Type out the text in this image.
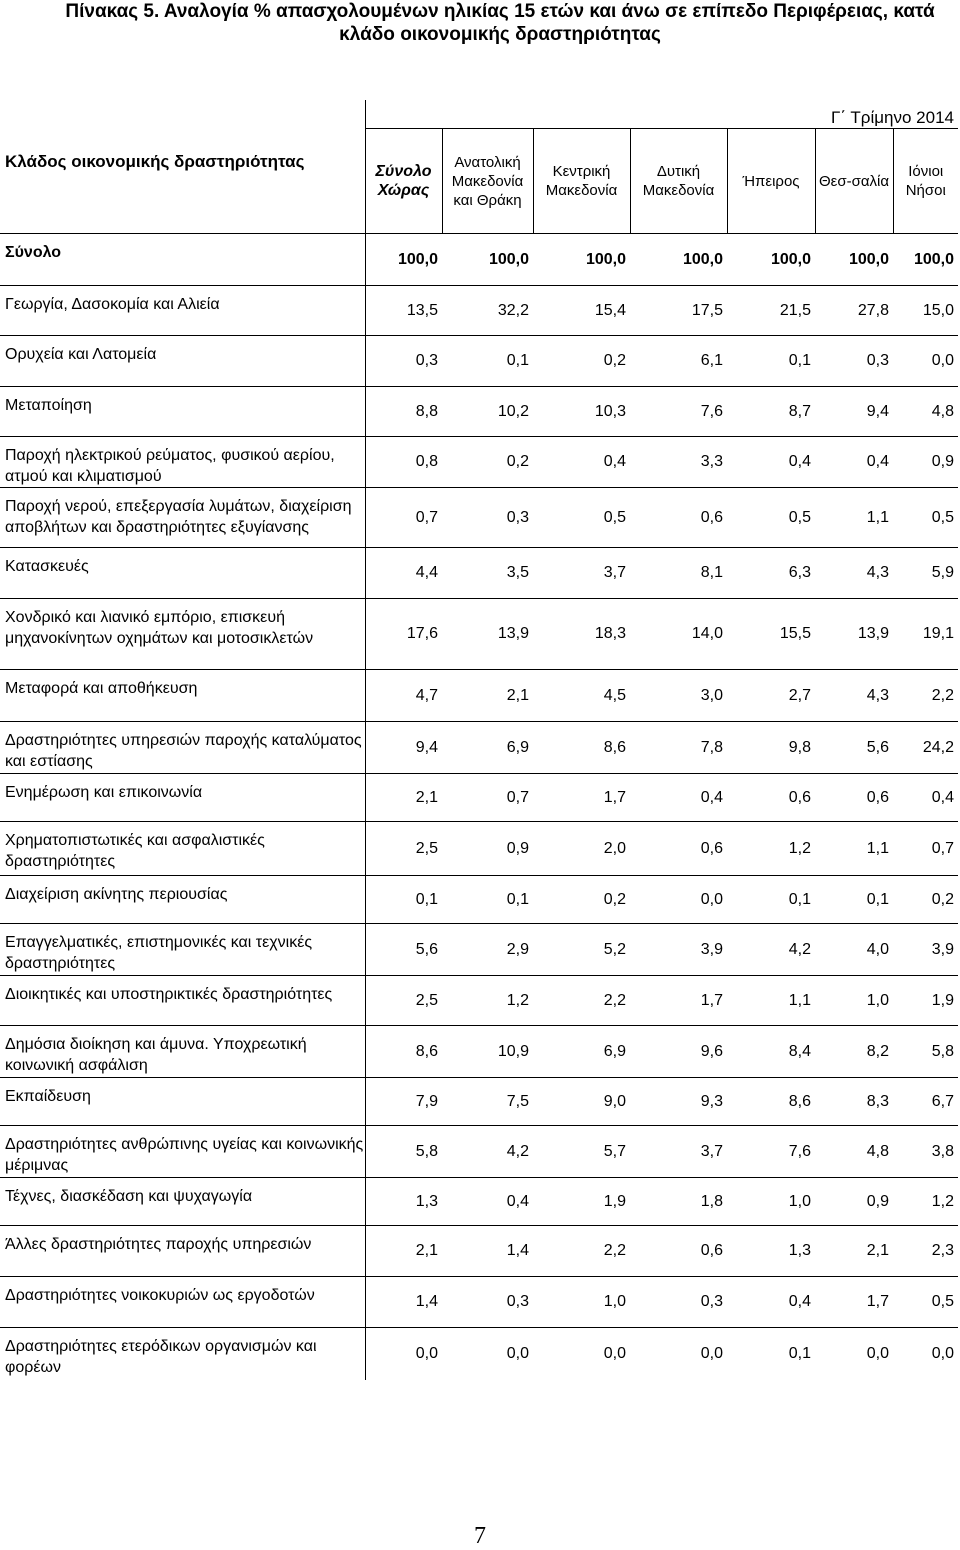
Πίνακας 5. Αναλογία % απασχολουμένων ηλικίας 15 ετών και άνω σε επίπεδο Περιφέρειας, κατά κλάδο οικονομικής δραστηριότητας
Κλάδος οικονομικής δραστηριότητας	Γ΄ Τρίμηνο 2014						
	Σύνολο Χώρας	Ανατολική Μακεδονία και Θράκη	Κεντρική Μακεδονία	Δυτική Μακεδονία	Ήπειρος	Θεσ-σαλία	Ιόνιοι Νήσοι
Σύνολο	100,0	100,0	100,0	100,0	100,0	100,0	100,0
Γεωργία, Δασοκομία και Αλιεία	13,5	32,2	15,4	17,5	21,5	27,8	15,0
Ορυχεία και Λατομεία	0,3	0,1	0,2	6,1	0,1	0,3	0,0
Μεταποίηση	8,8	10,2	10,3	7,6	8,7	9,4	4,8
Παροχή ηλεκτρικού ρεύματος, φυσικού αερίου, ατμού και κλιματισμού	0,8	0,2	0,4	3,3	0,4	0,4	0,9
Παροχή νερού, επεξεργασία λυμάτων, διαχείριση αποβλήτων και δραστηριότητες εξυγίανσης	0,7	0,3	0,5	0,6	0,5	1,1	0,5
Κατασκευές	4,4	3,5	3,7	8,1	6,3	4,3	5,9
Χονδρικό και λιανικό εμπόριο, επισκευή μηχανοκίνητων οχημάτων και μοτοσικλετών	17,6	13,9	18,3	14,0	15,5	13,9	19,1
Μεταφορά και αποθήκευση	4,7	2,1	4,5	3,0	2,7	4,3	2,2
Δραστηριότητες υπηρεσιών παροχής καταλύματος και εστίασης	9,4	6,9	8,6	7,8	9,8	5,6	24,2
Ενημέρωση και επικοινωνία	2,1	0,7	1,7	0,4	0,6	0,6	0,4
Χρηματοπιστωτικές και ασφαλιστικές δραστηριότητες	2,5	0,9	2,0	0,6	1,2	1,1	0,7
Διαχείριση ακίνητης περιουσίας	0,1	0,1	0,2	0,0	0,1	0,1	0,2
Επαγγελματικές, επιστημονικές και τεχνικές δραστηριότητες	5,6	2,9	5,2	3,9	4,2	4,0	3,9
Διοικητικές και υποστηρικτικές δραστηριότητες	2,5	1,2	2,2	1,7	1,1	1,0	1,9
Δημόσια διοίκηση και άμυνα. Υποχρεωτική κοινωνική ασφάλιση	8,6	10,9	6,9	9,6	8,4	8,2	5,8
Εκπαίδευση	7,9	7,5	9,0	9,3	8,6	8,3	6,7
Δραστηριότητες ανθρώπινης υγείας και κοινωνικής μέριμνας	5,8	4,2	5,7	3,7	7,6	4,8	3,8
Τέχνες, διασκέδαση και ψυχαγωγία	1,3	0,4	1,9	1,8	1,0	0,9	1,2
Άλλες δραστηριότητες παροχής υπηρεσιών	2,1	1,4	2,2	0,6	1,3	2,1	2,3
Δραστηριότητες νοικοκυριών ως εργοδοτών	1,4	0,3	1,0	0,3	0,4	1,7	0,5
Δραστηριότητες ετερόδικων οργανισμών και φορέων	0,0	0,0	0,0	0,0	0,1	0,0	0,0
7
